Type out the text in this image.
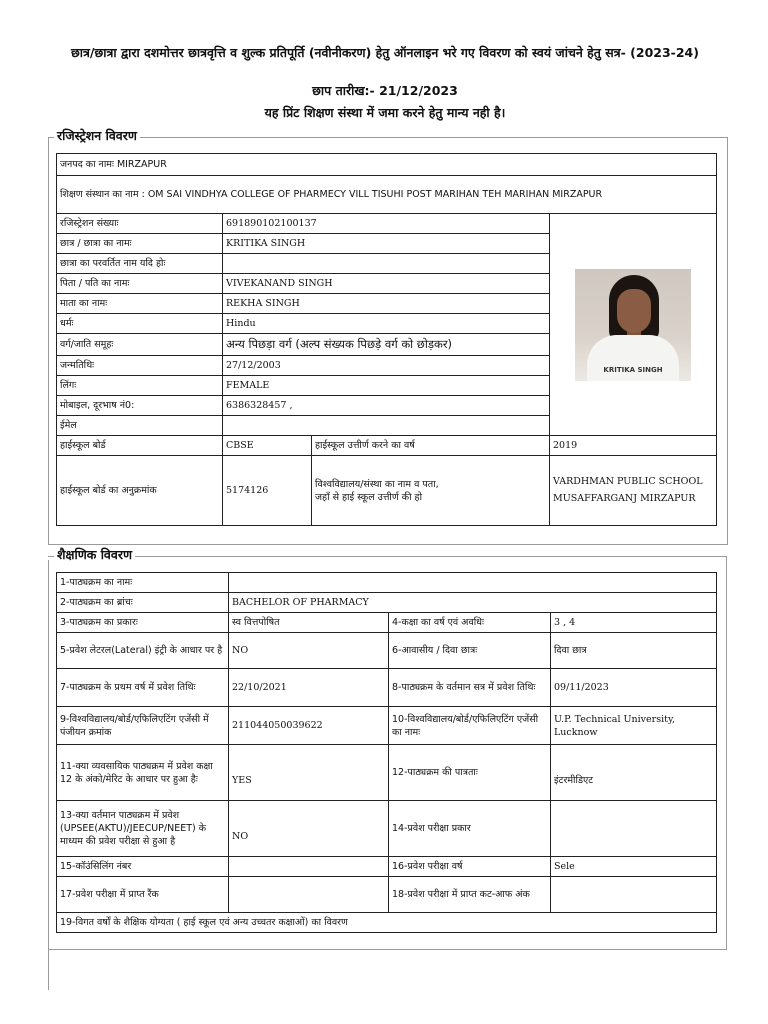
छात्र/छात्रा द्वारा दशमोत्तर छात्रवृत्ति व शुल्क प्रतिपूर्ति (नवीनीकरण) हेतु ऑनलाइन भरे गए विवरण को स्वयं जांचने हेतु सत्र- (2023-24)
छाप तारीख:- 21/12/2023
यह प्रिंट शिक्षण संस्था में जमा करने हेतु मान्य नही है।
रजिस्ट्रेशन विवरण
जनपद का नामः MIRZAPUR			
शिक्षण संस्थान का नाम : OM SAI VINDHYA COLLEGE OF PHARMECY VILL TISUHI POST MARIHAN TEH MARIHAN MIRZAPUR			
रजिस्ट्रेशन संख्याः	691890102100137		KRITIKA SINGH

छात्र / छात्रा का नामः	KRITIKA SINGH		
छात्रा का परवर्तित नाम यदि होः			
पिता / पति का नामः	VIVEKANAND SINGH		
माता का नामः	REKHA SINGH		
धर्मः	Hindu		
वर्ग/जाति समूहः	अन्य पिछड़ा वर्ग (अल्प संख्यक पिछड़े वर्ग को छोड़कर)		
जन्मतिथिः	27/12/2003		
लिंगः	FEMALE		
मोबाइल, दूरभाष नं0:	6386328457 ,		
ईमेल			
हाईस्कूल बोर्ड	CBSE	हाईस्कूल उत्तीर्ण करने का वर्ष	2019
हाईस्कूल बोर्ड का अनुक्रमांक	5174126	विश्वविद्यालय/संस्था का नाम व पता,
जहाँ से हाई स्कूल उत्तीर्ण की हो	VARDHMAN PUBLIC SCHOOL MUSAFFARGANJ MIRZAPUR
शैक्षणिक विवरण
1-पाठ्यक्रम का नामः			
2-पाठ्यक्रम का ब्रांचः	BACHELOR OF PHARMACY		
3-पाठ्यक्रम का प्रकारः	स्व वित्तपोषित	4-कक्षा का वर्ष एवं अवधिः	3 , 4
5-प्रवेश लेटरल(Lateral) इंट्री के आधार पर है	NO	6-आवासीय / दिवा छात्रः	दिवा छात्र
7-पाठ्यक्रम के प्रथम वर्ष में प्रवेश तिथिः	22/10/2021	8-पाठ्यक्रम के वर्तमान सत्र में प्रवेश तिथिः	09/11/2023
9-विश्वविद्यालय/बोर्ड/एफिलिएटिंग एजेंसी में पंजीयन क्रमांक	211044050039622	10-विश्वविद्यालय/बोर्ड/एफिलिएटिंग एजेंसी का नामः	U.P. Technical University, Lucknow
11-क्या व्यवसायिक पाठ्यक्रम में प्रवेश कक्षा 12 के अंको/मेरिट के आधार पर हुआ हैः	YES	12-पाठ्यक्रम की पात्रताः	इंटरमीडिएट
13-क्या वर्तमान पाठ्यक्रम में प्रवेश (UPSEE(AKTU)/JEECUP/NEET) के माध्यम की प्रवेश परीक्षा से हुआ है	NO	14-प्रवेश परीक्षा प्रकार	
15-कॉउंसिलिंग नंबर		16-प्रवेश परीक्षा वर्ष	Sele
17-प्रवेश परीक्षा में प्राप्त रैंक		18-प्रवेश परीक्षा में प्राप्त कट-आफ अंक	
19-विगत वर्षों के शैक्षिक योग्यता ( हाई स्कूल एवं अन्य उच्चतर कक्षाओं) का विवरण			
